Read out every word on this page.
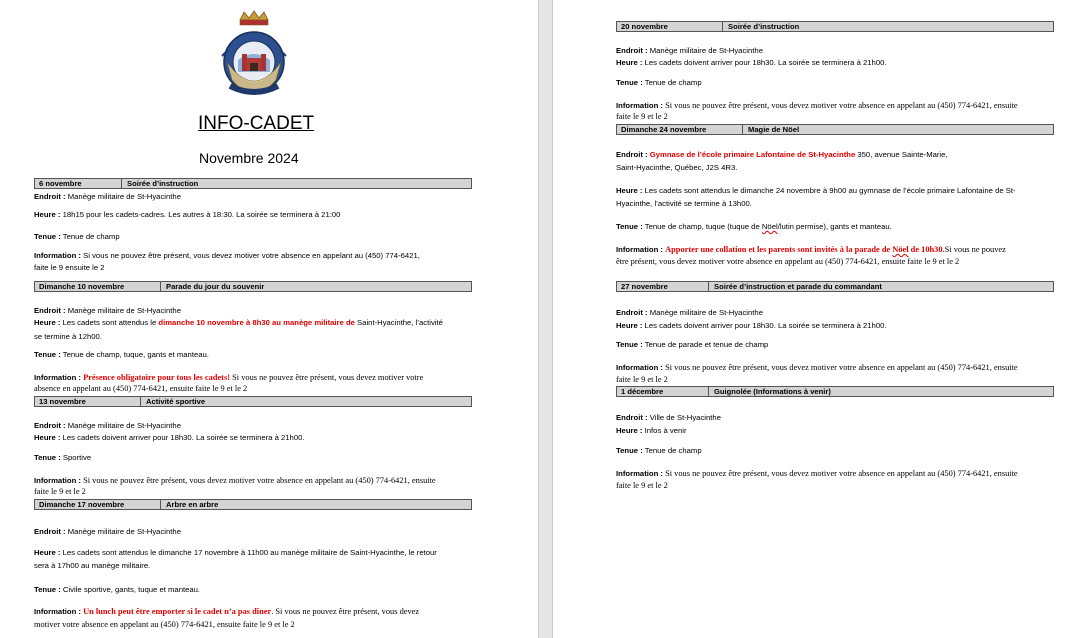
INFO-CADET
Novembre 2024
6 novembre	Soirée d’instruction
Endroit : Manège militaire de St-Hyacinthe
Heure : 18h15 pour les cadets-cadres. Les autres à 18:30. La soirée se terminera à 21:00
Tenue : Tenue de champ
Information : Si vous ne pouvez être présent, vous devez motiver votre absence en appelant au (450) 774-6421,
faite le 9 ensuite le 2
Dimanche 10 novembre	Parade du jour du souvenir
Endroit : Manège militaire de St-Hyacinthe
Heure : Les cadets sont attendus le dimanche 10 novembre à 8h30 au manège militaire de Saint-Hyacinthe, l’activité
se termine à 12h00.
Tenue : Tenue de champ, tuque, gants et manteau.
Information : Présence obligatoire pour tous les cadets! Si vous ne pouvez être présent, vous devez motiver votre
absence en appelant au (450) 774-6421, ensuite faite le 9 et le 2
13 novembre	Activité sportive
Endroit : Manège militaire de St-Hyacinthe
Heure : Les cadets doivent arriver pour 18h30. La soirée se terminera à 21h00.
Tenue : Sportive
Information : Si vous ne pouvez être présent, vous devez motiver votre absence en appelant au (450) 774-6421, ensuite
faite le 9 et le 2
Dimanche 17 novembre	Arbre en arbre
Endroit : Manège militaire de St-Hyacinthe
Heure : Les cadets sont attendus le dimanche 17 novembre à 11h00 au manège militaire de Saint-Hyacinthe, le retour
sera à 17h00 au manège militaire.
Tenue : Civile sportive, gants, tuque et manteau.
Information : Un lunch peut être emporter si le cadet n’a pas dîner. Si vous ne pouvez être présent, vous devez
motiver votre absence en appelant au (450) 774-6421, ensuite faite le 9 et le 2
20 novembre	Soirée d’instruction
Endroit : Manège militaire de St-Hyacinthe
Heure : Les cadets doivent arriver pour 18h30. La soirée se terminera à 21h00.
Tenue : Tenue de champ
Information : Si vous ne pouvez être présent, vous devez motiver votre absence en appelant au (450) 774-6421, ensuite
faite le 9 et le 2
Dimanche 24 novembre	Magie de Nöel
Endroit : Gymnase de l’école primaire Lafontaine de St-Hyacinthe 350, avenue Sainte-Marie,
Saint-Hyacinthe, Québec, J2S 4R3.
Heure : Les cadets sont attendus le dimanche 24 novembre à 9h00 au gymnase de l’école primaire Lafontaine de St-
Hyacinthe, l’activité se termine à 13h00.
Tenue : Tenue de champ, tuque (tuque de Nöel/lutin permise), gants et manteau.
Information : Apporter une collation et les parents sont invités à la parade de Nöel de 10h30.Si vous ne pouvez
être présent, vous devez motiver votre absence en appelant au (450) 774-6421, ensuite faite le 9 et le 2
27 novembre	Soirée d’instruction et parade du commandant
Endroit : Manège militaire de St-Hyacinthe
Heure : Les cadets doivent arriver pour 18h30. La soirée se terminera à 21h00.
Tenue : Tenue de parade et tenue de champ
Information : Si vous ne pouvez être présent, vous devez motiver votre absence en appelant au (450) 774-6421, ensuite
faite le 9 et le 2
1 décembre	Guignolée (Informations à venir)
Endroit : Ville de St-Hyacinthe
Heure : Infos à venir
Tenue : Tenue de champ
Information : Si vous ne pouvez être présent, vous devez motiver votre absence en appelant au (450) 774-6421, ensuite
faite le 9 et le 2
